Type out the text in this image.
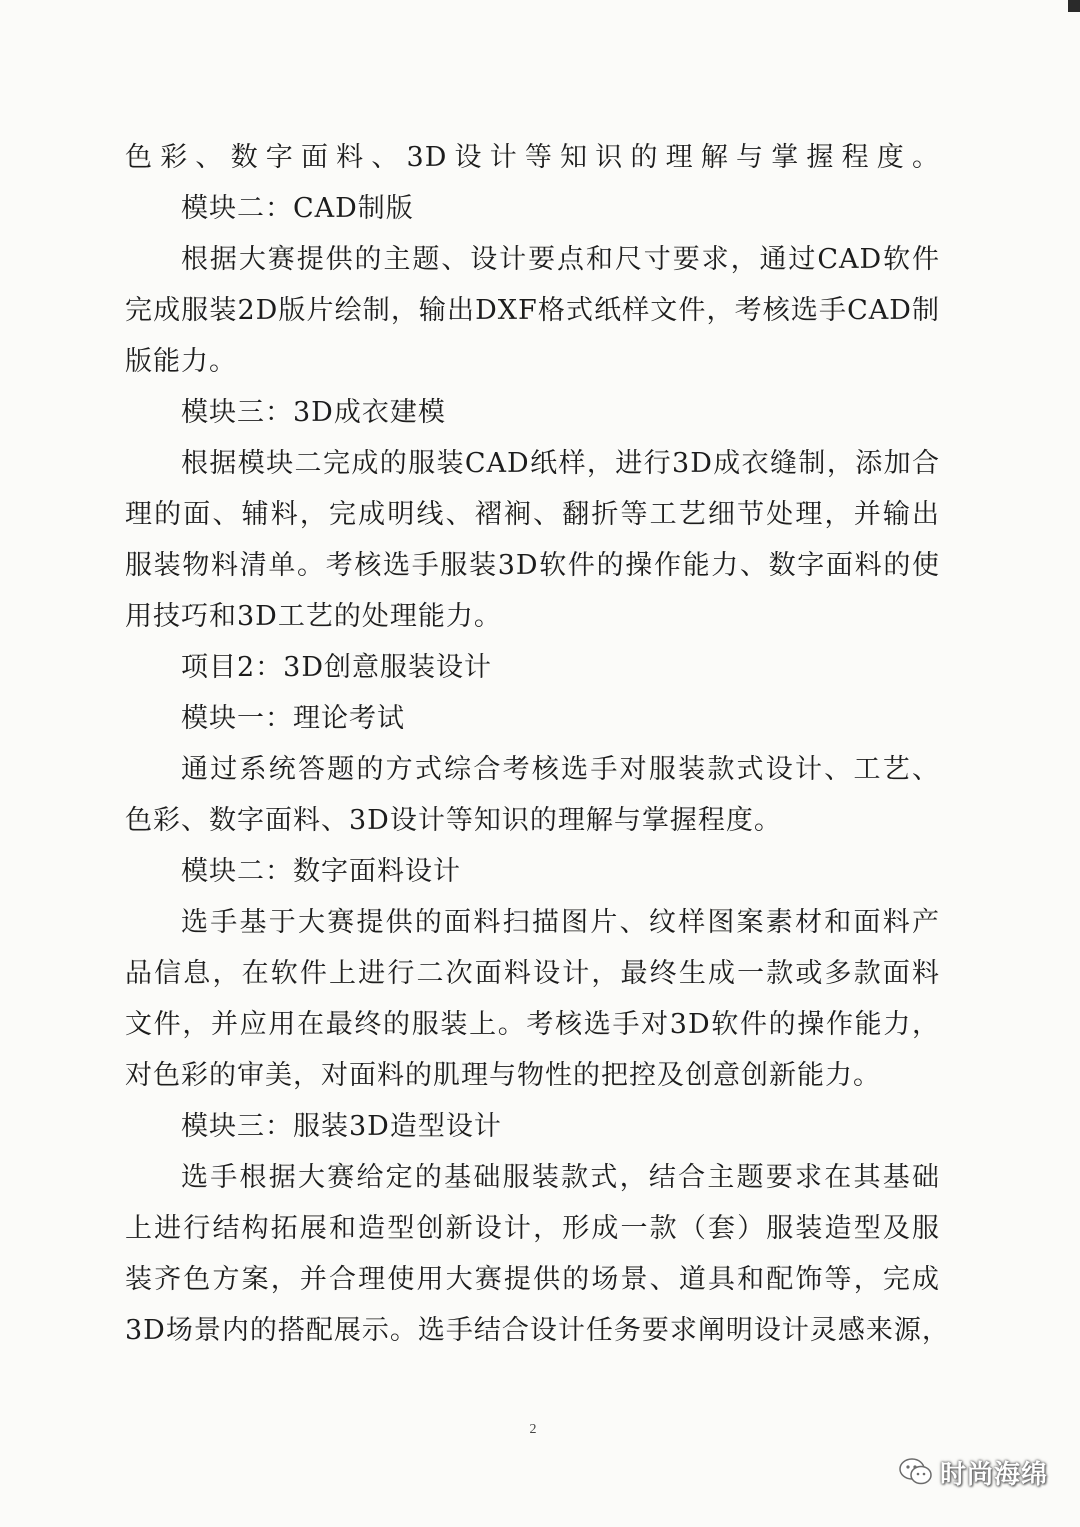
色彩、数字面料、3D设计等知识的理解与掌握程度。
模块二：CAD制版
根据大赛提供的主题、设计要点和尺寸要求，通过CAD软件
完成服装2D版片绘制，输出DXF格式纸样文件，考核选手CAD制
版能力。
模块三：3D成衣建模
根据模块二完成的服装CAD纸样，进行3D成衣缝制，添加合
理的面、辅料，完成明线、褶裥、翻折等工艺细节处理，并输出
服装物料清单。考核选手服装3D软件的操作能力、数字面料的使
用技巧和3D工艺的处理能力。
项目2：3D创意服装设计
模块一：理论考试
通过系统答题的方式综合考核选手对服装款式设计、工艺、
色彩、数字面料、3D设计等知识的理解与掌握程度。
模块二：数字面料设计
选手基于大赛提供的面料扫描图片、纹样图案素材和面料产
品信息，在软件上进行二次面料设计，最终生成一款或多款面料
文件，并应用在最终的服装上。考核选手对3D软件的操作能力，
对色彩的审美，对面料的肌理与物性的把控及创意创新能力。
模块三：服装3D造型设计
选手根据大赛给定的基础服装款式，结合主题要求在其基础
上进行结构拓展和造型创新设计，形成一款（套）服装造型及服
装齐色方案，并合理使用大赛提供的场景、道具和配饰等，完成
3D场景内的搭配展示。选手结合设计任务要求阐明设计灵感来源，
2
时尚海绵
